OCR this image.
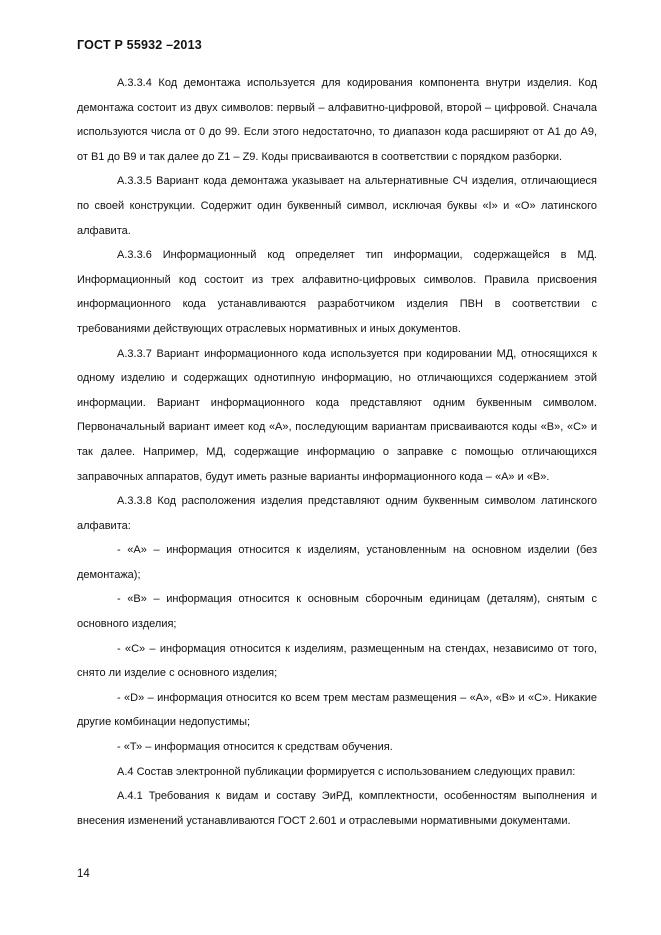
ГОСТ Р 55932 –2013

А.3.3.4 Код демонтажа используется для кодирования компонента внутри изделия. Код демонтажа состоит из двух символов: первый – алфавитно-цифровой, второй – цифровой. Сначала используются числа от 0 до 99. Если этого недостаточно, то диапазон кода расширяют от А1 до А9, от В1 до В9 и так далее до Z1 – Z9. Коды присваиваются в соответствии с порядком разборки.

А.3.3.5 Вариант кода демонтажа указывает на альтернативные СЧ изделия, отличающиеся по своей конструкции. Содержит один буквенный символ, исключая буквы «I» и «O» латинского алфавита.

А.3.3.6 Информационный код определяет тип информации, содержащейся в МД. Информационный код состоит из трех алфавитно-цифровых символов. Правила присвоения информационного кода устанавливаются разработчиком изделия ПВН в соответствии с требованиями действующих отраслевых нормативных и иных документов.

А.3.3.7 Вариант информационного кода используется при кодировании МД, относящихся к одному изделию и содержащих однотипную информацию, но отличающихся содержанием этой информации. Вариант информационного кода представляют одним буквенным символом. Первоначальный вариант имеет код «А», последующим вариантам присваиваются коды «В», «С» и так далее. Например, МД, содержащие информацию о заправке с помощью отличающихся заправочных аппаратов, будут иметь разные варианты информационного кода – «А» и «В».

А.3.3.8 Код расположения изделия представляют одним буквенным символом латинского алфавита:

- «А» – информация относится к изделиям, установленным на основном изделии (без демонтажа);

- «В» – информация относится к основным сборочным единицам (деталям), снятым с основного изделия;

- «С» – информация относится к изделиям, размещенным на стендах, независимо от того, снято ли изделие с основного изделия;

- «D» – информация относится ко всем трем местам размещения – «А», «В» и «С». Никакие другие комбинации недопустимы;

- «Т» – информация относится к средствам обучения.

А.4 Состав электронной публикации формируется с использованием следующих правил:

А.4.1 Требования к видам и составу ЭиРД, комплектности, особенностям выполнения и внесения изменений устанавливаются ГОСТ 2.601 и отраслевыми нормативными документами.

14
